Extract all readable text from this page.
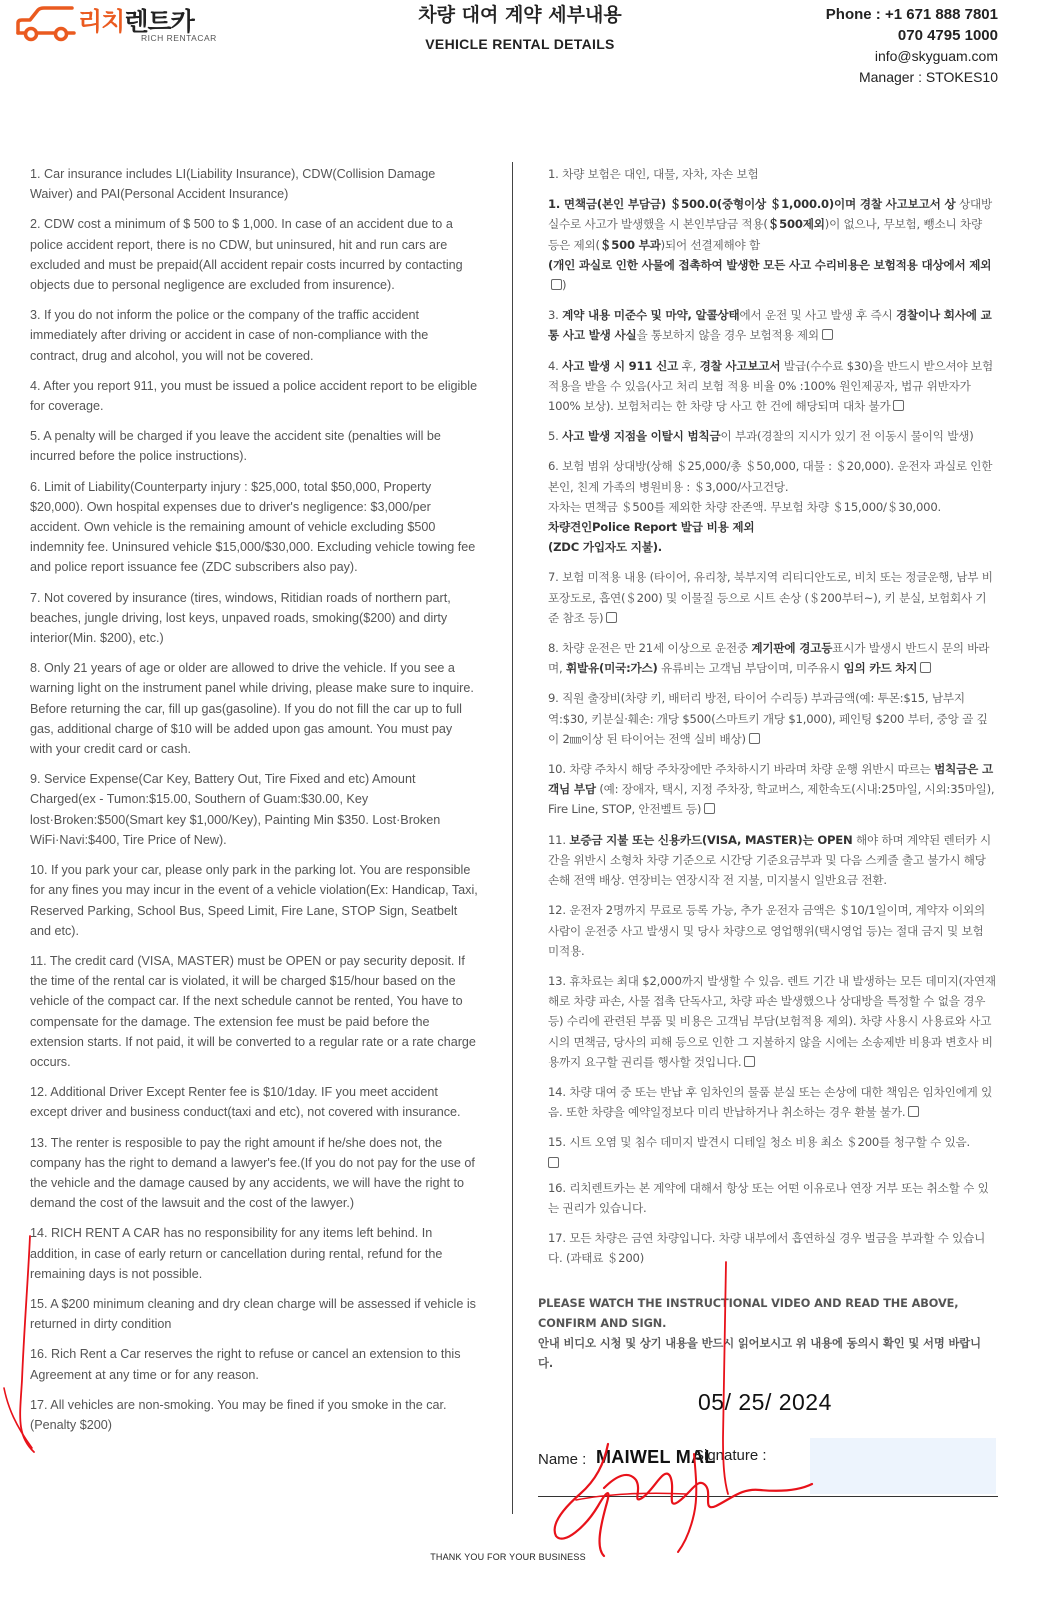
리치렌트카
RICH RENTACAR
차량 대여 계약 세부내용
VEHICLE RENTAL DETAILS
Phone : +1 671 888 7801
070 4795 1000
info@skyguam.com
Manager : STOKES10

1. Car insurance includes LI(Liability Insurance), CDW(Collision Damage Waiver) and PAI(Personal Accident Insurance)

2. CDW cost a minimum of $ 500 to $ 1,000. In case of an accident due to a police accident report, there is no CDW, but uninsured, hit and run cars are excluded and must be prepaid(All accident repair costs incurred by contacting objects due to personal negligence are excluded from insurence).

3. If you do not inform the police or the company of the traffic accident immediately after driving or accident in case of non-compliance with the contract, drug and alcohol, you will not be covered.

4. After you report 911, you must be issued a police accident report to be eligible for coverage.

5. A penalty will be charged if you leave the accident site (penalties will be incurred before the police instructions).

6. Limit of Liability(Counterparty injury : $25,000, total $50,000, Property $20,000). Own hospital expenses due to driver's negligence: $3,000/per accident. Own vehicle is the remaining amount of vehicle excluding $500 indemnity fee. Uninsured vehicle $15,000/$30,000. Excluding vehicle towing fee and police report issuance fee (ZDC subscribers also pay).

7. Not covered by insurance (tires, windows, Ritidian roads of northern part, beaches, jungle driving, lost keys, unpaved roads, smoking($200) and dirty interior(Min. $200), etc.)

8. Only 21 years of age or older are allowed to drive the vehicle. If you see a warning light on the instrument panel while driving, please make sure to inquire. Before returning the car, fill up gas(gasoline). If you do not fill the car up to full gas, additional charge of $10 will be added upon gas amount. You must pay with your credit card or cash.

9. Service Expense(Car Key, Battery Out, Tire Fixed and etc) Amount Charged(ex - Tumon:$15.00, Southern of Guam:$30.00, Key lost·Broken:$500(Smart key $1,000/Key), Painting Min $350. Lost·Broken WiFi·Navi:$400, Tire Price of New).

10. If you park your car, please only park in the parking lot. You are responsible for any fines you may incur in the event of a vehicle violation(Ex: Handicap, Taxi, Reserved Parking, School Bus, Speed Limit, Fire Lane, STOP Sign, Seatbelt and etc).

11. The credit card (VISA, MASTER) must be OPEN or pay security deposit. If the time of the rental car is violated, it will be charged $15/hour based on the vehicle of the compact car. If the next schedule cannot be rented, You have to compensate for the damage. The extension fee must be paid before the extension starts. If not paid, it will be converted to a regular rate or a rate charge occurs.

12. Additional Driver Except Renter fee is $10/1day. IF you meet accident except driver and business conduct(taxi and etc), not covered with insurance.

13. The renter is resposible to pay the right amount if he/she does not, the company has the right to demand a lawyer's fee.(If you do not pay for the use of the vehicle and the damage caused by any accidents, we will have the right to demand the cost of the lawsuit and the cost of the lawyer.)

14. RICH RENT A CAR has no responsibility for any items left behind. In addition, in case of early return or cancellation during rental, refund for the remaining days is not possible.

15. A $200 minimum cleaning and dry clean charge will be assessed if vehicle is returned in dirty condition

16. Rich Rent a Car reserves the right to refuse or cancel an extension to this Agreement at any time or for any reason.

17. All vehicles are non-smoking. You may be fined if you smoke in the car. (Penalty $200)

1. 차량 보험은 대인, 대물, 자차, 자손 보험

1. 면책금(본인 부담금) ＄500.0(중형이상 ＄1,000.0)이며 경찰 사고보고서 상 상대방 실수로 사고가 발생했을 시 본인부담금 적용(＄500제외)이 없으나, 무보험, 뺑소니 차량 등은 제외(＄500 부과)되어 선결제해야 함
(개인 과실로 인한 사물에 접촉하여 발생한 모든 사고 수리비용은 보험적용 대상에서 제외)

3. 계약 내용 미준수 및 마약, 알콜상태에서 운전 및 사고 발생 후 즉시 경찰이나 회사에 교통 사고 발생 사실을 통보하지 않을 경우 보험적용 제외

4. 사고 발생 시 911 신고 후, 경찰 사고보고서 발급(수수료 $30)을 반드시 받으셔야 보험 적용을 받을 수 있음(사고 처리 보험 적용 비율 0% :100% 원인제공자, 법규 위반자가 100% 보상). 보험처리는 한 차량 당 사고 한 건에 해당되며 대차 불가

5. 사고 발생 지점을 이탈시 범칙금이 부과(경찰의 지시가 있기 전 이동시 물이익 발생)

6. 보험 범위 상대방(상해 ＄25,000/총 ＄50,000, 대물 : ＄20,000). 운전자 과실로 인한 본인, 친계 가족의 병원비용 : ＄3,000/사고건당.
자차는 면책금 ＄500를 제외한 차량 잔존액. 무보험 차량 ＄15,000/＄30,000.
차량견인Police Report 발급 비용 제외
(ZDC 가입자도 지불).

7. 보험 미적용 내용 (타이어, 유리창, 북부지역 리티디안도로, 비치 또는 정글운행, 남부 비포장도로, 흡연(＄200) 및 이물질 등으로 시트 손상 (＄200부터~), 키 분실, 보험회사 기준 참조 등)

8. 차량 운전은 만 21세 이상으로 운전중 계기판에 경고등표시가 발생시 반드시 문의 바라며, 휘발유(미국:가스) 유류비는 고객님 부담이며, 미주유시 임의 카드 차지

9. 직원 출장비(차량 키, 배터리 방전, 타이어 수리등) 부과금액(예: 투몬:$15, 남부지역:$30, 키분실·훼손: 개당 $500(스마트키 개당 $1,000), 페인팅 $200 부터, 중앙 골 깊이 2㎜이상 된 타이어는 전액 실비 배상)

10. 차량 주차시 해당 주차장에만 주차하시기 바라며 차량 운행 위반시 따르는 범칙금은 고객님 부담 (예: 장애자, 택시, 지정 주차장, 학교버스, 제한속도(시내:25마일, 시외:35마일), Fire Line, STOP, 안전벨트 등)

11. 보증금 지불 또는 신용카드(VISA, MASTER)는 OPEN 해야 하며 계약된 렌터카 시간을 위반시 소형차 차량 기준으로 시간당 기준요금부과 및 다음 스케줄 출고 불가시 해당 손해 전액 배상. 연장비는 연장시작 전 지불, 미지불시 일반요금 전환.

12. 운전자 2명까지 무료로 등록 가능, 추가 운전자 금액은 ＄10/1일이며, 계약자 이외의 사람이 운전중 사고 발생시 및 당사 차량으로 영업행위(택시영업 등)는 절대 금지 및 보험 미적용.

13. 휴차료는 최대 $2,000까지 발생할 수 있음. 렌트 기간 내 발생하는 모든 데미지(자연재해로 차량 파손, 사물 접촉 단독사고, 차량 파손 발생했으나 상대방을 특정할 수 없을 경우 등) 수리에 관련된 부품 및 비용은 고객님 부담(보험적용 제외). 차량 사용시 사용료와 사고시의 면책금, 당사의 피해 등으로 인한 그 지불하지 않을 시에는 소송제반 비용과 변호사 비용까지 요구할 권리를 행사할 것입니다.

14. 차량 대여 중 또는 반납 후 임차인의 물품 분실 또는 손상에 대한 책임은 임차인에게 있음. 또한 차량을 예약일정보다 미리 반납하거나 취소하는 경우 환불 불가.

15. 시트 오염 및 침수 데미지 발견시 디테일 청소 비용 최소 ＄200를 청구할 수 있음.

16. 리치렌트카는 본 계약에 대해서 항상 또는 어떤 이유로나 연장 거부 또는 취소할 수 있는 권리가 있습니다.

17. 모든 차량은 금연 차량입니다. 차량 내부에서 흡연하실 경우 벌금을 부과할 수 있습니다. (과태료 ＄200)

PLEASE WATCH THE INSTRUCTIONAL VIDEO AND READ THE ABOVE, CONFIRM AND SIGN.
안내 비디오 시청 및 상기 내용을 반드시 읽어보시고 위 내용에 동의시 확인 및 서명 바랍니다.
05/ 25/ 2024
Name : MAIWEL MAL
Signature :
THANK YOU FOR YOUR BUSINESS
